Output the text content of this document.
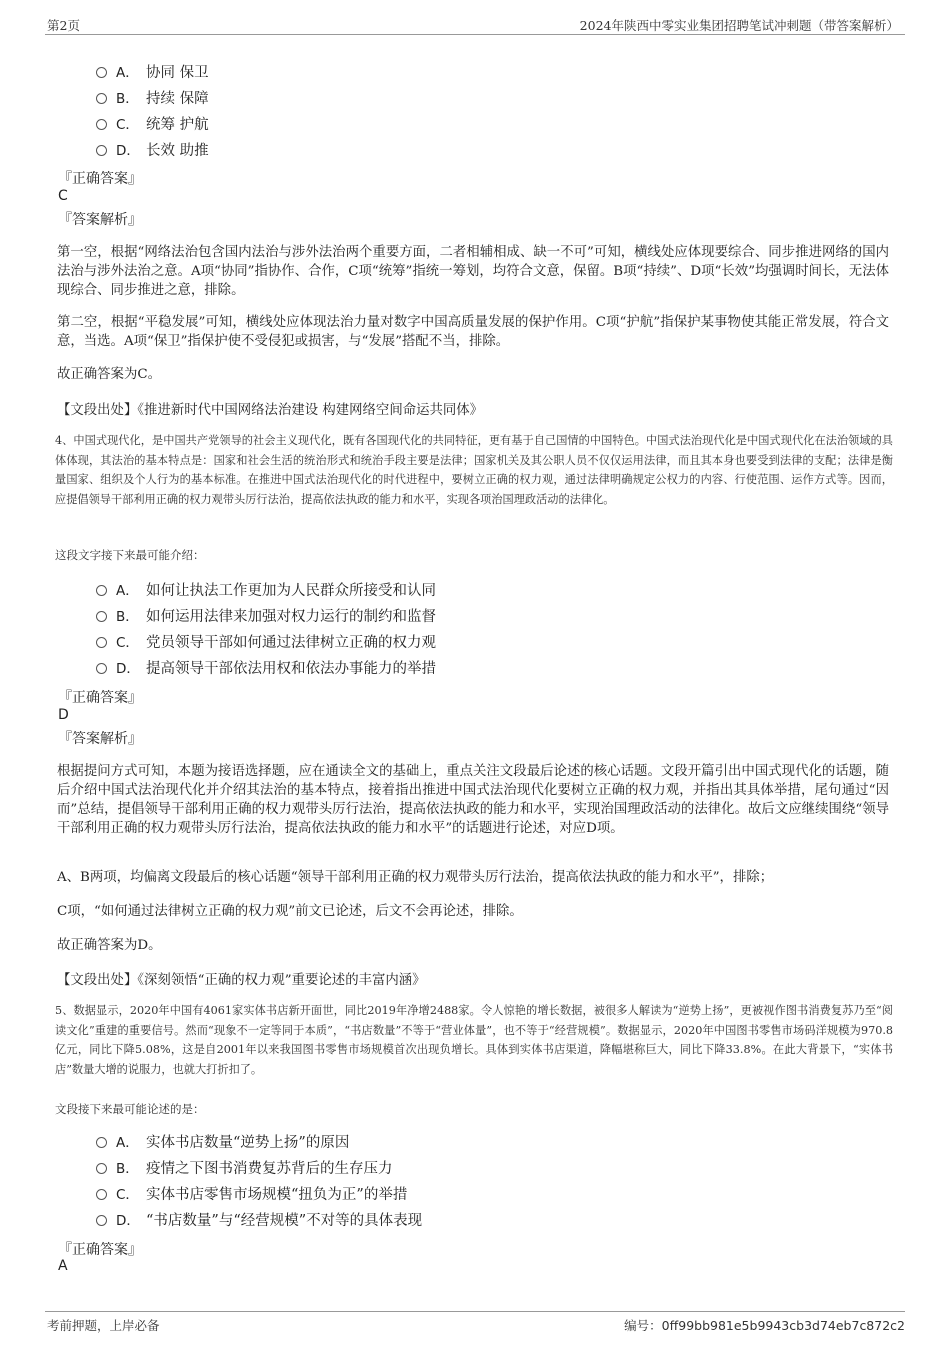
第2页	2024年陕西中零实业集团招聘笔试冲刺题（带答案解析）
A． 协同 保卫
B． 持续 保障
C． 统筹 护航
D． 长效 助推
『正确答案』
C
『答案解析』

第一空，根据“网络法治包含国内法治与涉外法治两个重要方面，二者相辅相成、缺一不可”可知，横线处应体现要综合、同步推进网络的国内法治与涉外法治之意。A项“协同”指协作、合作，C项“统筹”指统一筹划，均符合文意，保留。B项“持续”、D项“长效”均强调时间长，无法体现综合、同步推进之意，排除。

第二空，根据“平稳发展”可知，横线处应体现法治力量对数字中国高质量发展的保护作用。C项“护航”指保护某事物使其能正常发展，符合文意，当选。A项“保卫”指保护使不受侵犯或损害，与“发展”搭配不当，排除。

故正确答案为C。

【文段出处】《推进新时代中国网络法治建设 构建网络空间命运共同体》

4、中国式现代化，是中国共产党领导的社会主义现代化，既有各国现代化的共同特征，更有基于自己国情的中国特色。中国式法治现代化是中国式现代化在法治领域的具体体现，其法治的基本特点是：国家和社会生活的统治形式和统治手段主要是法律；国家机关及其公职人员不仅仅运用法律，而且其本身也要受到法律的支配；法律是衡量国家、组织及个人行为的基本标准。在推进中国式法治现代化的时代进程中，要树立正确的权力观，通过法律明确规定公权力的内容、行使范围、运作方式等。因而，应提倡领导干部利用正确的权力观带头厉行法治，提高依法执政的能力和水平，实现各项治国理政活动的法律化。

这段文字接下来最可能介绍：
A． 如何让执法工作更加为人民群众所接受和认同
B． 如何运用法律来加强对权力运行的制约和监督
C． 党员领导干部如何通过法律树立正确的权力观
D． 提高领导干部依法用权和依法办事能力的举措
『正确答案』
D
『答案解析』

根据提问方式可知，本题为接语选择题，应在通读全文的基础上，重点关注文段最后论述的核心话题。文段开篇引出中国式现代化的话题，随后介绍中国式法治现代化并介绍其法治的基本特点，接着指出推进中国式法治现代化要树立正确的权力观，并指出其具体举措，尾句通过“因而”总结，提倡领导干部利用正确的权力观带头厉行法治，提高依法执政的能力和水平，实现治国理政活动的法律化。故后文应继续围绕“领导干部利用正确的权力观带头厉行法治，提高依法执政的能力和水平”的话题进行论述，对应D项。

A、B两项，均偏离文段最后的核心话题“领导干部利用正确的权力观带头厉行法治，提高依法执政的能力和水平”，排除；

C项，“如何通过法律树立正确的权力观”前文已论述，后文不会再论述，排除。

故正确答案为D。

【文段出处】《深刻领悟“正确的权力观”重要论述的丰富内涵》

5、数据显示，2020年中国有4061家实体书店新开面世，同比2019年净增2488家。令人惊艳的增长数据，被很多人解读为“逆势上扬”，更被视作图书消费复苏乃至“阅读文化”重建的重要信号。然而“现象不一定等同于本质”，“书店数量”不等于“营业体量”，也不等于“经营规模”。数据显示，2020年中国图书零售市场码洋规模为970.8亿元，同比下降5.08%，这是自2001年以来我国图书零售市场规模首次出现负增长。具体到实体书店渠道，降幅堪称巨大，同比下降33.8%。在此大背景下，“实体书店”数量大增的说服力，也就大打折扣了。

文段接下来最可能论述的是：
A． 实体书店数量“逆势上扬”的原因
B． 疫情之下图书消费复苏背后的生存压力
C． 实体书店零售市场规模“扭负为正”的举措
D． “书店数量”与“经营规模”不对等的具体表现
『正确答案』
A
考前押题，上岸必备	编号：0ff99bb981e5b9943cb3d74eb7c872c2
